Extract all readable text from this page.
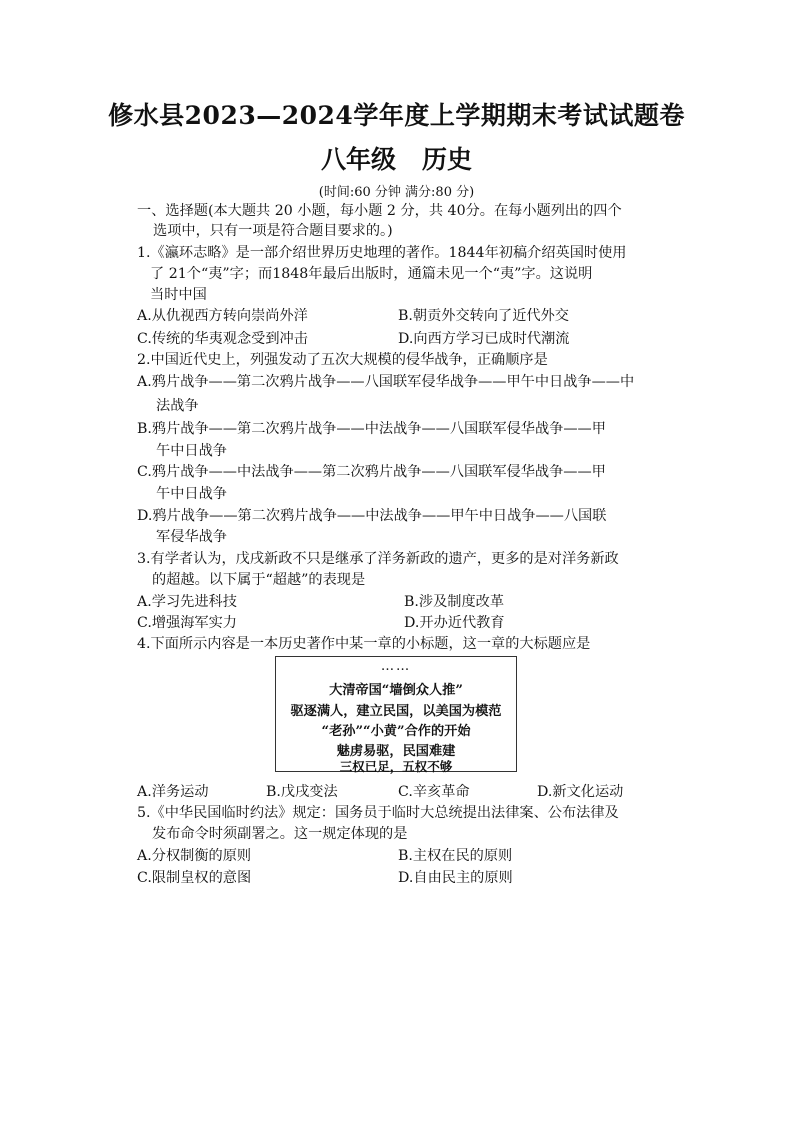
修水县2023—2024学年度上学期期末考试试题卷
八年级 历史
(时间:60 分钟 满分:80 分)
一、选择题(本大题共 20 小题，每小题 2 分，共 40分。在每小题列出的四个
选项中，只有一项是符合题目要求的。)
1.《瀛环志略》是一部介绍世界历史地理的著作。1844年初稿介绍英国时使用
了 21个“夷”字；而1848年最后出版时，通篇未见一个“夷”字。这说明
当时中国
A.从仇视西方转向崇尚外洋	B.朝贡外交转向了近代外交
C.传统的华夷观念受到冲击	D.向西方学习已成时代潮流
2.中国近代史上，列强发动了五次大规模的侵华战争，正确顺序是
A.鸦片战争——第二次鸦片战争——八国联军侵华战争——甲午中日战争——中
法战争
B.鸦片战争——第二次鸦片战争——中法战争——八国联军侵华战争——甲
午中日战争
C.鸦片战争——中法战争——第二次鸦片战争——八国联军侵华战争——甲
午中日战争
D.鸦片战争——第二次鸦片战争——中法战争——甲午中日战争——八国联
军侵华战争
3.有学者认为，戊戌新政不只是继承了洋务新政的遗产，更多的是对洋务新政
的超越。以下属于“超越”的表现是
A.学习先进科技	B.涉及制度改革
C.增强海军实力	D.开办近代教育
4.下面所示内容是一本历史著作中某一章的小标题，这一章的大标题应是
……
大清帝国“墙倒众人推”
驱逐满人，建立民国，以美国为模范
“老孙”“小黄”合作的开始
魅虏易驱，民国难建
三权已足，五权不够
A.洋务运动	B.戊戌变法	C.辛亥革命	D.新文化运动
5.《中华民国临时约法》规定：国务员于临时大总统提出法律案、公布法律及
发布命令时须副署之。这一规定体现的是
A.分权制衡的原则	B.主权在民的原则
C.限制皇权的意图	D.自由民主的原则
